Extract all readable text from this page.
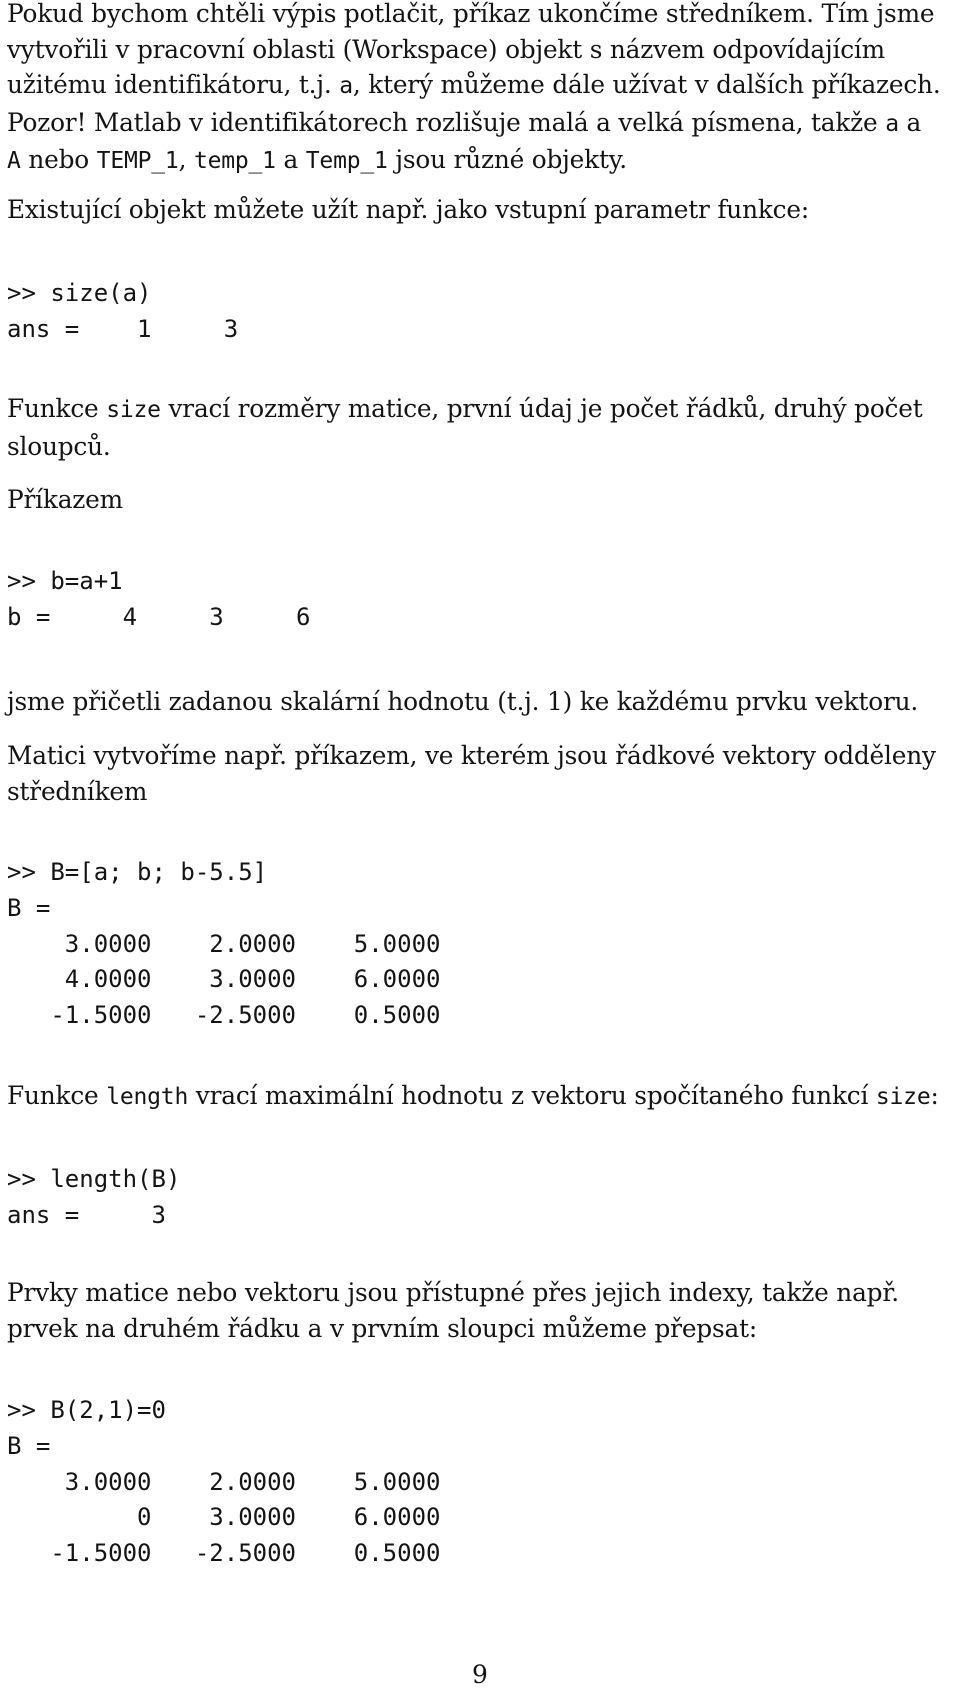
Pokud bychom chtěli výpis potlačit, příkaz ukončíme středníkem. Tím jsme

vytvořili v pracovní oblasti (Workspace) objekt s názvem odpovídajícím

užitému identifikátoru, t.j. a, který můžeme dále užívat v dalších příkazech.

Pozor! Matlab v identifikátorech rozlišuje malá a velká písmena, takže a a

A nebo TEMP_1, temp_1 a Temp_1 jsou různé objekty.

Existující objekt můžete užít např. jako vstupní parametr funkce:

>> size(a)
ans =    1     3

Funkce size vrací rozměry matice, první údaj je počet řádků, druhý počet

sloupců.

Příkazem

>> b=a+1
b =     4     3     6

jsme přičetli zadanou skalární hodnotu (t.j. 1) ke každému prvku vektoru.

Matici vytvoříme např. příkazem, ve kterém jsou řádkové vektory odděleny

středníkem

>> B=[a; b; b-5.5]
B =
3.0000    2.0000    5.0000
4.0000    3.0000    6.0000
-1.5000   -2.5000    0.5000

Funkce length vrací maximální hodnotu z vektoru spočítaného funkcí size:

>> length(B)
ans =     3

Prvky matice nebo vektoru jsou přístupné přes jejich indexy, takže např.

prvek na druhém řádku a v prvním sloupci můžeme přepsat:

>> B(2,1)=0
B =
3.0000    2.0000    5.0000
0    3.0000    6.0000
-1.5000   -2.5000    0.5000
9
